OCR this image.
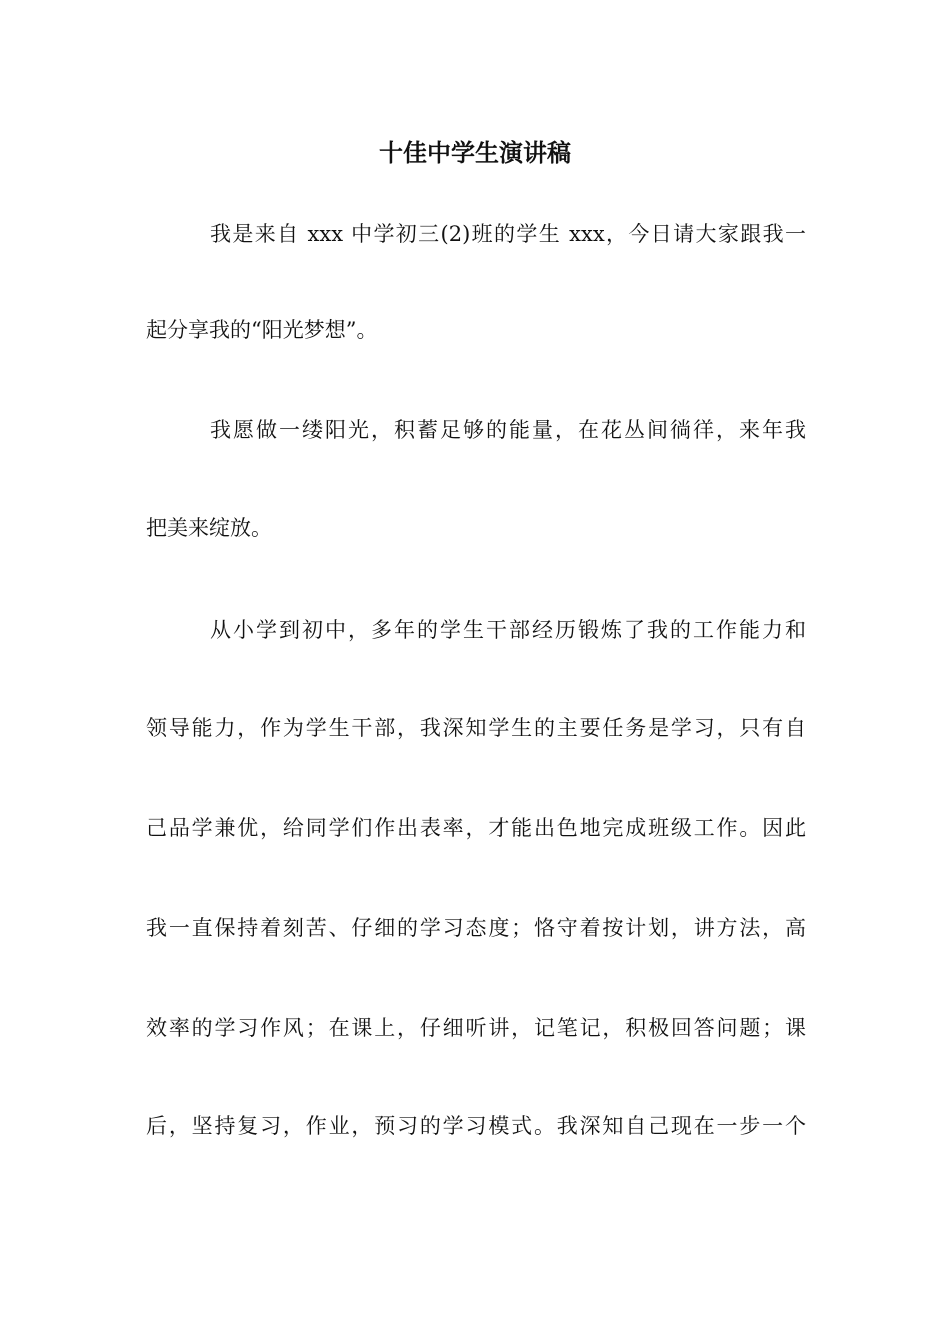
十佳中学生演讲稿
我是来自 xxx 中学初三(2)班的学生 xxx，今日请大家跟我一
起分享我的“阳光梦想”。
我愿做一缕阳光，积蓄足够的能量，在花丛间徜徉，来年我
把美来绽放。
从小学到初中，多年的学生干部经历锻炼了我的工作能力和
领导能力，作为学生干部，我深知学生的主要任务是学习，只有自
己品学兼优，给同学们作出表率，才能出色地完成班级工作。因此
我一直保持着刻苦、仔细的学习态度；恪守着按计划，讲方法，高
效率的学习作风；在课上，仔细听讲，记笔记，积极回答问题；课
后，坚持复习，作业，预习的学习模式。我深知自己现在一步一个
